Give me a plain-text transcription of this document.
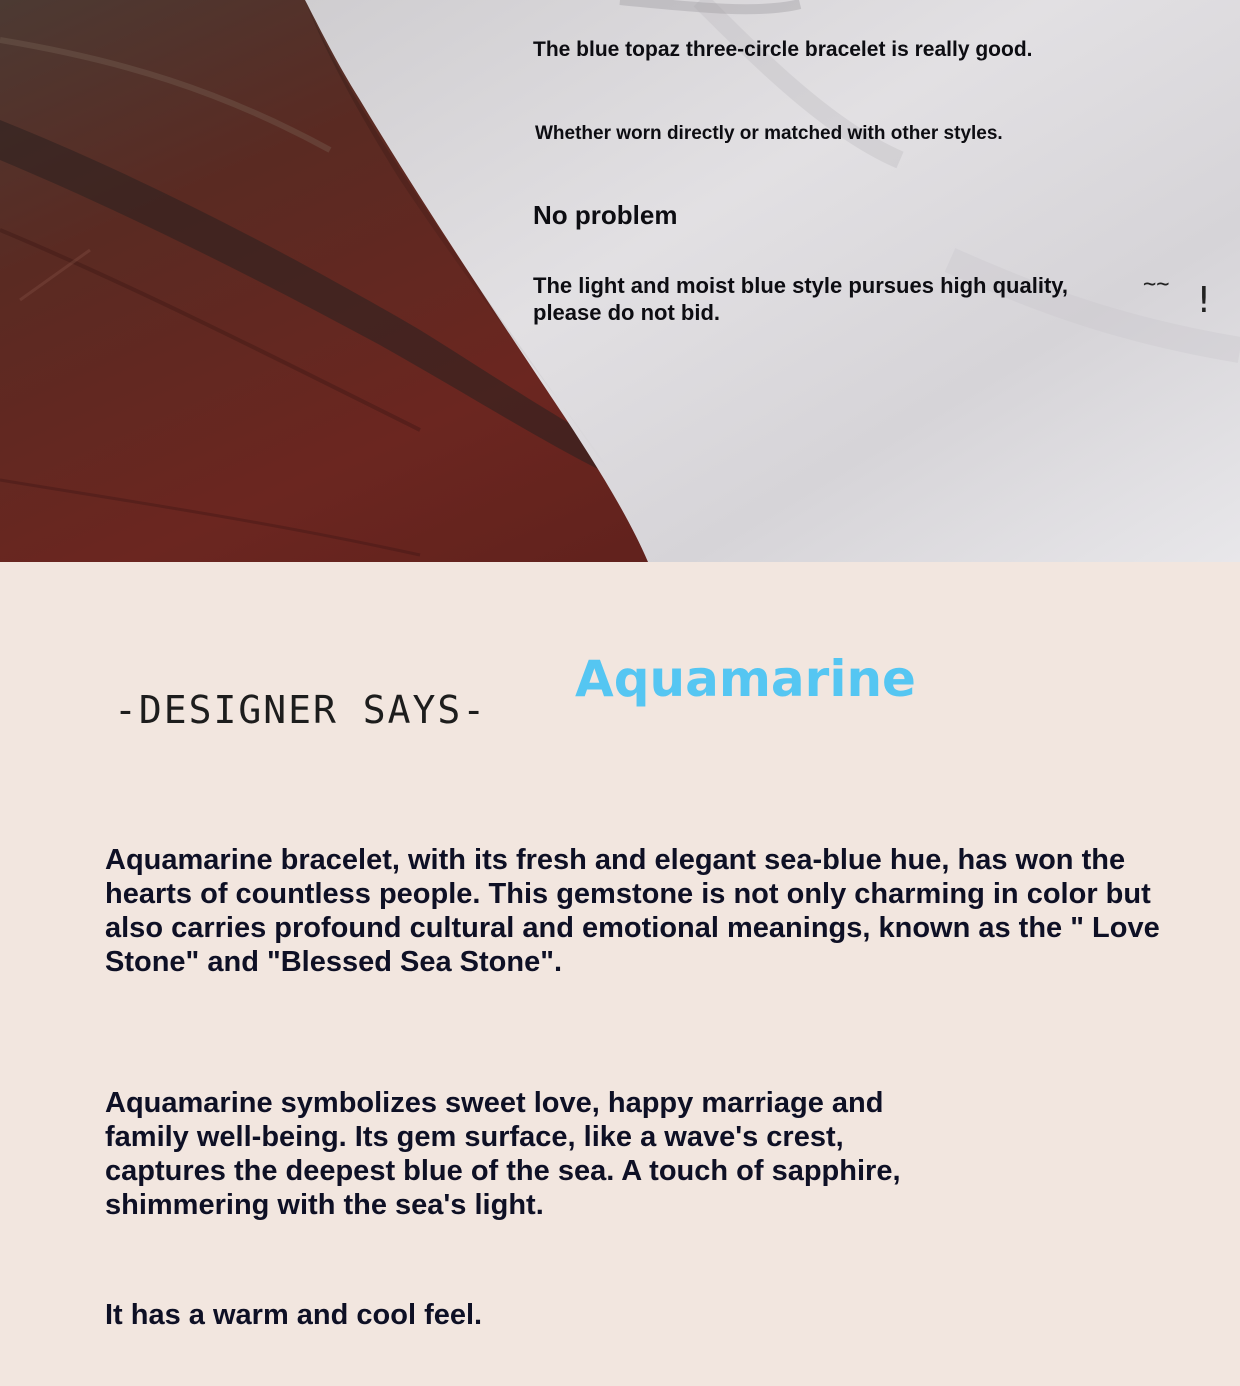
The blue topaz three-circle bracelet is really good.

Whether worn directly or matched with other styles.

No problem

The light and moist blue style pursues high quality, please do not bid.

~~ !

-DESIGNER SAYS-

Aquamarine

Aquamarine bracelet, with its fresh and elegant sea-blue hue, has won the hearts of countless people. This gemstone is not only charming in color but also carries profound cultural and emotional meanings, known as the " Love Stone" and "Blessed Sea Stone".

Aquamarine symbolizes sweet love, happy marriage and family well-being. Its gem surface, like a wave's crest, captures the deepest blue of the sea. A touch of sapphire, shimmering with the sea's light.

It has a warm and cool feel.
